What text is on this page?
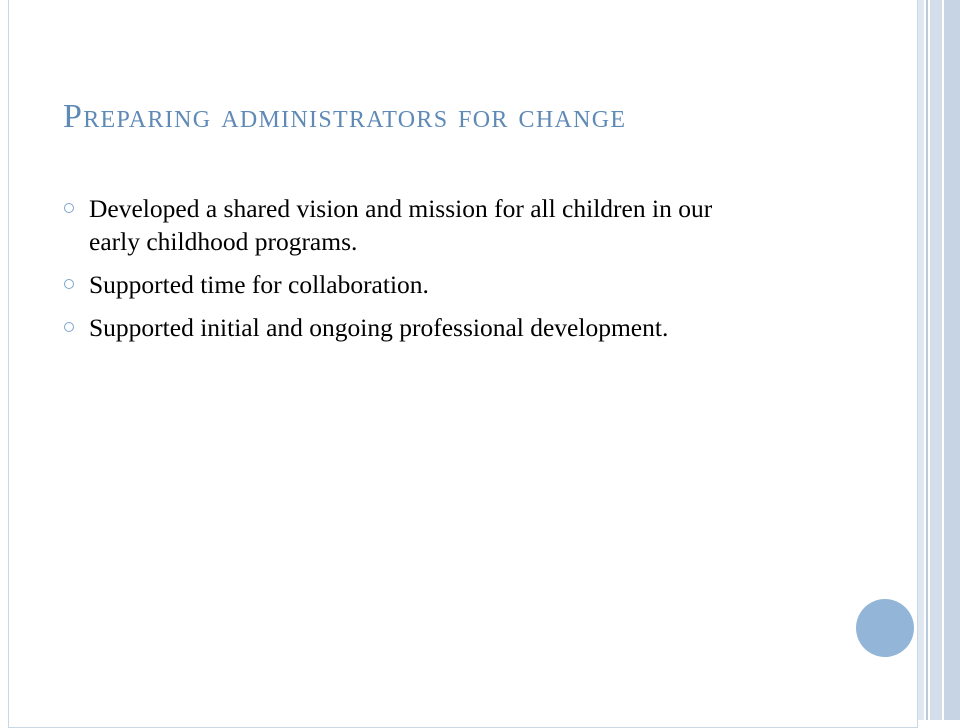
Preparing administrators for change
Developed a shared vision and mission for all children in our early childhood programs.
Supported time for collaboration.
Supported initial and ongoing professional development.
